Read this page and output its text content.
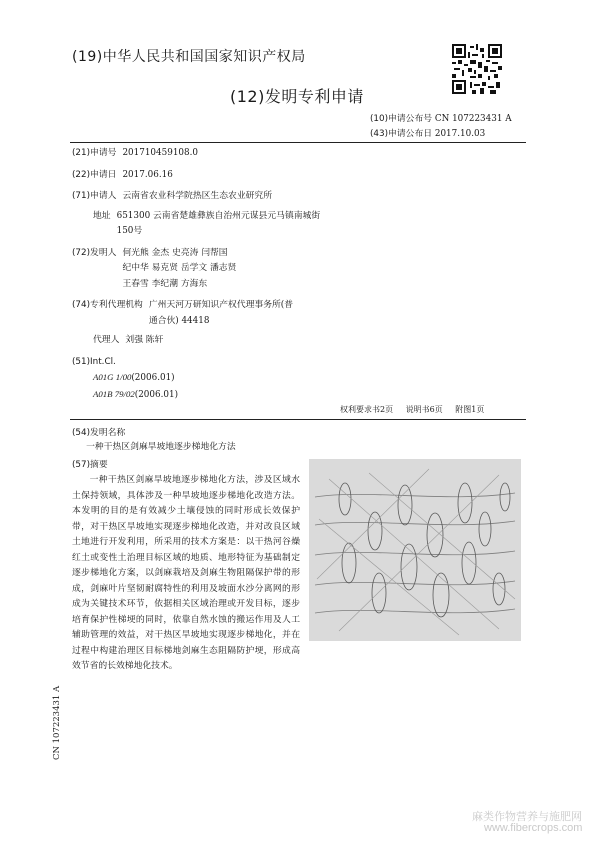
(19)中华人民共和国国家知识产权局
(12)发明专利申请
(10)申请公布号 CN 107223431 A
(43)申请公布日 2017.10.03
(21)申请号 201710459108.0
(22)申请日 2017.06.16
(71)申请人 云南省农业科学院热区生态农业研究所
地址 651300 云南省楚雄彝族自治州元谋县元马镇南城街150号
(72)发明人 何光熊 金杰 史亮涛 闫帮国
纪中华 易克贤 岳学文 潘志贤
王春雪 李纪潮 方海东
(74)专利代理机构 广州天河万研知识产权代理事务所(普通合伙) 44418
代理人 刘强 陈轩
(51)Int.Cl.
A01G 1/00(2006.01)
A01B 79/02(2006.01)
权利要求书2页 说明书6页 附图1页
(54)发明名称
一种干热区剑麻旱坡地逐步梯地化方法
(57)摘要
一种干热区剑麻旱坡地逐步梯地化方法，涉及区域水土保持领域，具体涉及一种旱坡地逐步梯地化改造方法。本发明的目的是有效减少土壤侵蚀的同时形成长效保护带，对干热区旱坡地实现逐步梯地化改造，并对改良区域土地进行开发利用，所采用的技术方案是：以干热河谷燥红土或变性土治理目标区域的地质、地形特征为基础制定逐步梯地化方案，以剑麻栽培及剑麻生物阻隔保护带的形成，剑麻叶片坚韧耐腐特性的利用及坡面水沙分离网的形成为关键技术环节，依据相关区域治理或开发目标，逐步培育保护性梯埂的同时，依靠自然水蚀的搬运作用及人工辅助管理的效益，对干热区旱坡地实现逐步梯地化，并在过程中构建治理区目标梯地剑麻生态阻隔防护埂，形成高效节省的长效梯地化技术。
CN 107223431 A
麻类作物营养与施肥网
www.fibercrops.com
